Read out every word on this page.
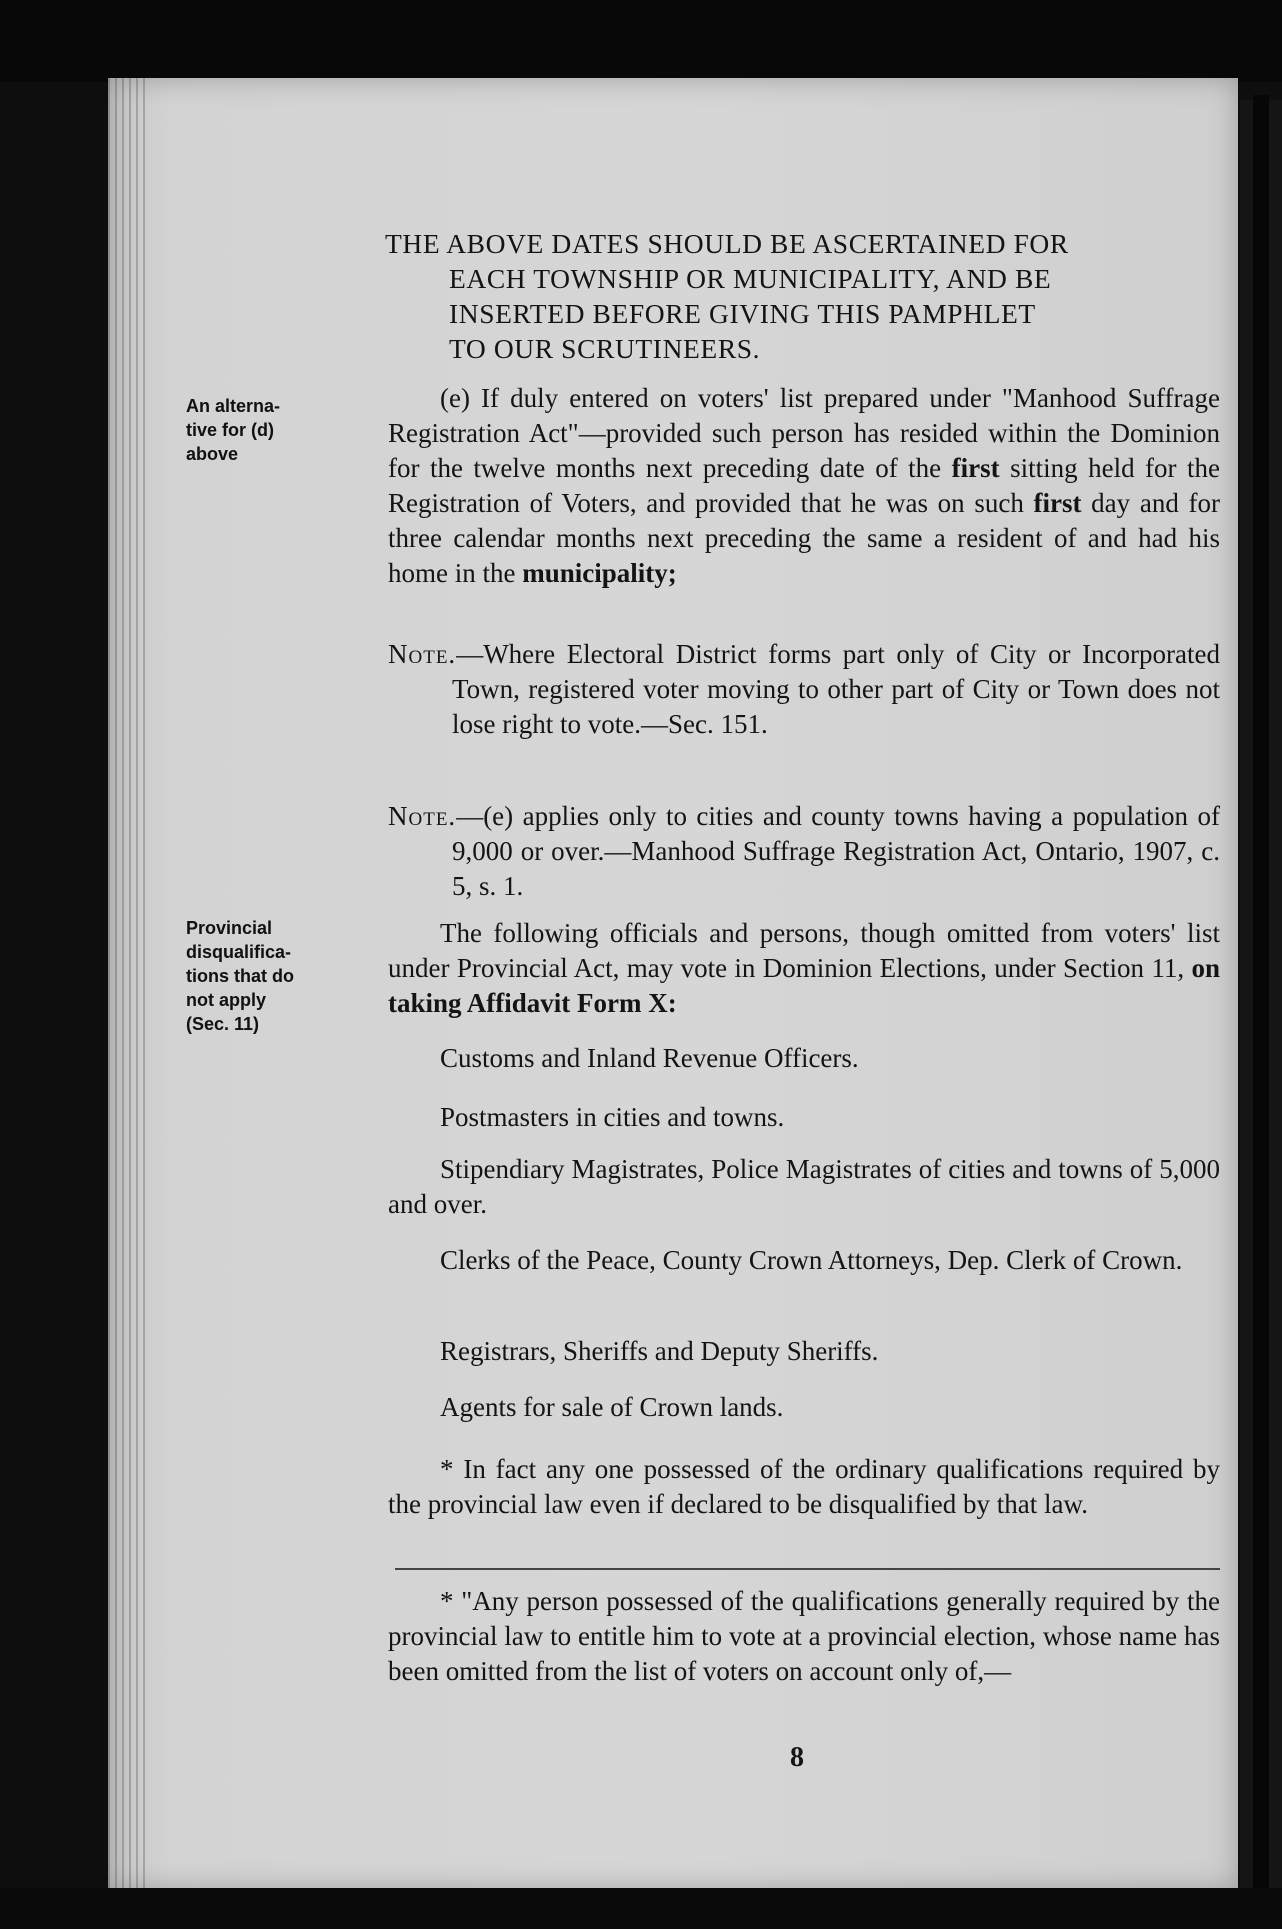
THE ABOVE DATES SHOULD BE ASCERTAINED FOR
EACH TOWNSHIP OR MUNICIPALITY, AND BE
INSERTED BEFORE GIVING THIS PAMPHLET
TO OUR SCRUTINEERS.
An alterna-
tive for (d)
above

(e) If duly entered on voters' list prepared under "Manhood Suffrage Registration Act"—provided such person has resided within the Dominion for the twelve months next preceding date of the first sitting held for the Registration of Voters, and provided that he was on such first day and for three calendar months next preceding the same a resident of and had his home in the municipality;

Note.—Where Electoral District forms part only of City or Incorporated Town, registered voter moving to other part of City or Town does not lose right to vote.—Sec. 151.

Note.—(e) applies only to cities and county towns having a population of 9,000 or over.—Manhood Suffrage Registration Act, Ontario, 1907, c. 5, s. 1.

Provincial
disqualifica-
tions that do
not apply
(Sec. 11)

The following officials and persons, though omitted from voters' list under Provincial Act, may vote in Dominion Elections, under Section 11, on taking Affidavit Form X:

Customs and Inland Revenue Officers.
Postmasters in cities and towns.

Stipendiary Magistrates, Police Magistrates of cities and towns of 5,000 and over.

Clerks of the Peace, County Crown Attorneys, Dep. Clerk of Crown.

Registrars, Sheriffs and Deputy Sheriffs.
Agents for sale of Crown lands.

* In fact any one possessed of the ordinary qualifications required by the provincial law even if declared to be disqualified by that law.

* "Any person possessed of the qualifications generally required by the provincial law to entitle him to vote at a provincial election, whose name has been omitted from the list of voters on account only of,—

8
